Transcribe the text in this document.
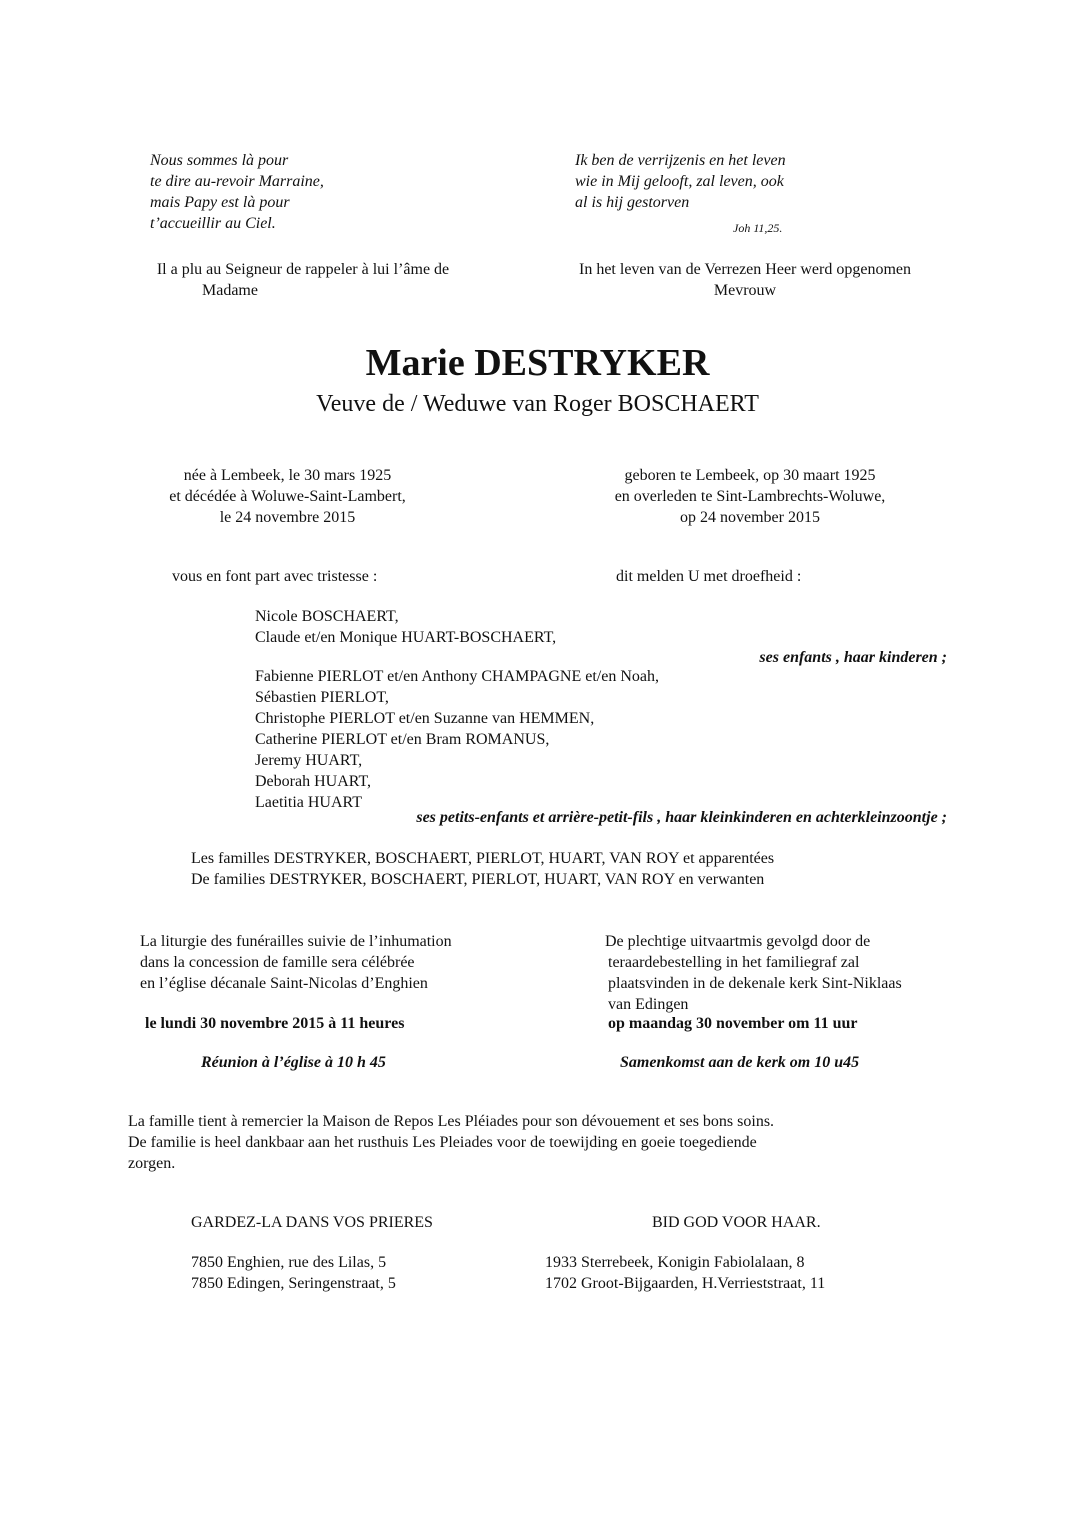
Nous sommes là pour
te dire au-revoir Marraine,
mais Papy est là pour
t’accueillir au Ciel.
Ik ben de verrijzenis en het leven
wie in Mij gelooft, zal leven, ook
al is hij gestorven
Joh 11,25.
Il a plu au Seigneur de rappeler à lui l’âme de
Madame
In het leven van de Verrezen Heer werd opgenomen
Mevrouw
Marie DESTRYKER
Veuve de / Weduwe van Roger BOSCHAERT
née à Lembeek, le 30 mars 1925
et décédée à Woluwe-Saint-Lambert,
le 24 novembre 2015
geboren te Lembeek, op 30 maart 1925
en overleden te Sint-Lambrechts-Woluwe,
op 24 november 2015
vous en font part avec tristesse :	dit melden U met droefheid :
Nicole BOSCHAERT,
Claude et/en Monique HUART-BOSCHAERT,
ses enfants , haar kinderen ;
Fabienne PIERLOT et/en Anthony CHAMPAGNE et/en Noah,
Sébastien PIERLOT,
Christophe PIERLOT et/en Suzanne van HEMMEN,
Catherine PIERLOT et/en Bram ROMANUS,
Jeremy HUART,
Deborah HUART,
Laetitia HUART
ses petits-enfants et arrière-petit-fils , haar kleinkinderen en achterkleinzoontje ;
Les familles DESTRYKER, BOSCHAERT, PIERLOT, HUART, VAN ROY et apparentées
De families DESTRYKER, BOSCHAERT, PIERLOT, HUART, VAN ROY en verwanten
La liturgie des funérailles suivie de l’inhumation
dans la concession de famille sera célébrée
en l’église décanale Saint-Nicolas d’Enghien
De plechtige uitvaartmis gevolgd door de
teraardebestelling in het familiegraf zal
plaatsvinden in de dekenale kerk Sint-Niklaas
van Edingen
le lundi 30 novembre 2015 à 11 heures	op maandag 30 november om 11 uur
Réunion à l’église à 10 h 45	Samenkomst aan de kerk om 10 u45
La famille tient à remercier la Maison de Repos Les Pléiades pour son dévouement et ses bons soins.
De familie is heel dankbaar aan het rusthuis Les Pleiades voor de toewijding en goeie toegediende
zorgen.
GARDEZ-LA DANS VOS PRIERES	BID GOD VOOR HAAR.
7850 Enghien, rue des Lilas, 5
7850 Edingen, Seringenstraat, 5
1933 Sterrebeek, Konigin Fabiolalaan, 8
1702 Groot-Bijgaarden, H.Verrieststraat, 11
